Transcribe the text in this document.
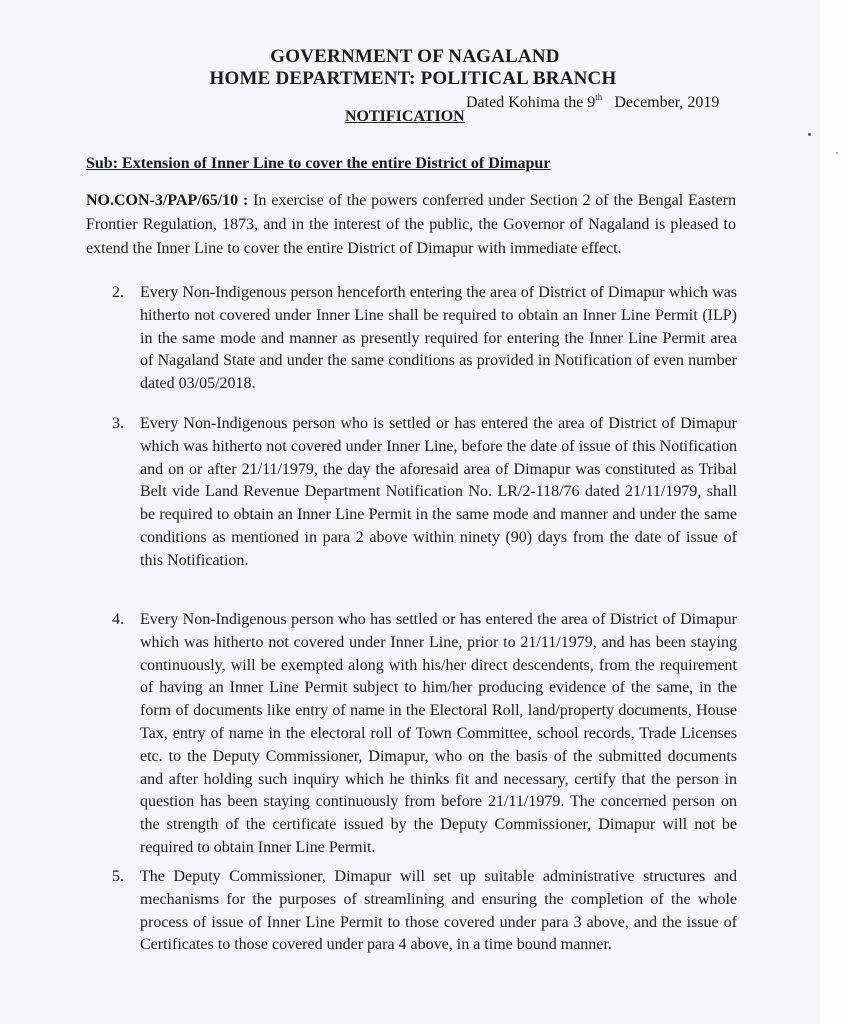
GOVERNMENT OF NAGALAND
HOME DEPARTMENT: POLITICAL BRANCH
Dated Kohima the 9th December, 2019
NOTIFICATION
Sub: Extension of Inner Line to cover the entire District of Dimapur
NO.CON-3/PAP/65/10 : In exercise of the powers conferred under Section 2 of the Bengal Eastern Frontier Regulation, 1873, and in the interest of the public, the Governor of Nagaland is pleased to extend the Inner Line to cover the entire District of Dimapur with immediate effect.
2. Every Non-Indigenous person henceforth entering the area of District of Dimapur which was hitherto not covered under Inner Line shall be required to obtain an Inner Line Permit (ILP) in the same mode and manner as presently required for entering the Inner Line Permit area of Nagaland State and under the same conditions as provided in Notification of even number dated 03/05/2018.
3. Every Non-Indigenous person who is settled or has entered the area of District of Dimapur which was hitherto not covered under Inner Line, before the date of issue of this Notification and on or after 21/11/1979, the day the aforesaid area of Dimapur was constituted as Tribal Belt vide Land Revenue Department Notification No. LR/2-118/76 dated 21/11/1979, shall be required to obtain an Inner Line Permit in the same mode and manner and under the same conditions as mentioned in para 2 above within ninety (90) days from the date of issue of this Notification.
4. Every Non-Indigenous person who has settled or has entered the area of District of Dimapur which was hitherto not covered under Inner Line, prior to 21/11/1979, and has been staying continuously, will be exempted along with his/her direct descendents, from the requirement of having an Inner Line Permit subject to him/her producing evidence of the same, in the form of documents like entry of name in the Electoral Roll, land/property documents, House Tax, entry of name in the electoral roll of Town Committee, school records, Trade Licenses etc. to the Deputy Commissioner, Dimapur, who on the basis of the submitted documents and after holding such inquiry which he thinks fit and necessary, certify that the person in question has been staying continuously from before 21/11/1979. The concerned person on the strength of the certificate issued by the Deputy Commissioner, Dimapur will not be required to obtain Inner Line Permit.
5. The Deputy Commissioner, Dimapur will set up suitable administrative structures and mechanisms for the purposes of streamlining and ensuring the completion of the whole process of issue of Inner Line Permit to those covered under para 3 above, and the issue of Certificates to those covered under para 4 above, in a time bound manner.
